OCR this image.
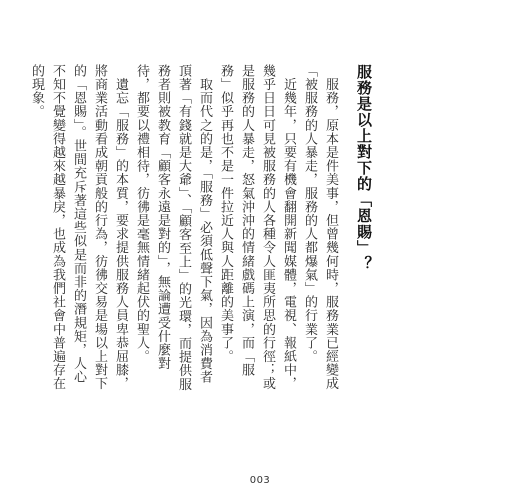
服務是以上對下的「恩賜」？

　服務，原本是件美事，但曾幾何時，服務業已經變成「被服務的人暴走，服務的人都爆氣」的行業了。

　近幾年，只要有機會翻開新聞媒體，電視、報紙中，幾乎日日可見被服務的人各種令人匪夷所思的行徑；或是服務的人暴走，怒氣沖沖的情緒戲碼上演，而「服務」似乎再也不是一件拉近人與人距離的美事了。

　取而代之的是，「服務」必須低聲下氣，因為消費者頂著「有錢就是大爺」、「顧客至上」的光環，而提供服務者則被教育「顧客永遠是對的」，無論遭受什麼對待，都要以禮相待，彷彿是毫無情緒起伏的聖人。

　遺忘「服務」的本質，要求提供服務人員卑恭屈膝，將商業活動看成朝貢般的行為，彷彿交易是場以上對下的「恩賜」。世間充斥著這些似是而非的潛規矩，人心不知不覺變得越來越暴戾，也成為我們社會中普遍存在的現象。

003
